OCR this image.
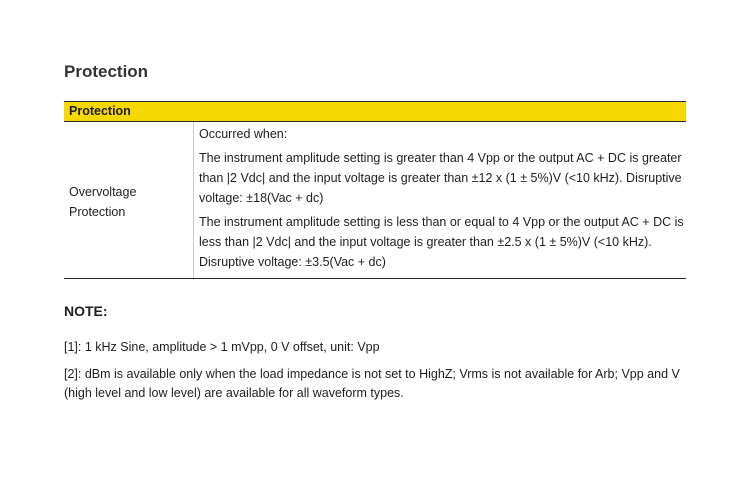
Protection
Protection
Overvoltage
Protection

Occurred when:

The instrument amplitude setting is greater than 4 Vpp or the output AC + DC is greater than |2 Vdc| and the input voltage is greater than ±12 x (1 ± 5%)V (<10 kHz). Disruptive voltage: ±18(Vac + dc)

The instrument amplitude setting is less than or equal to 4 Vpp or the output AC + DC is less than |2 Vdc| and the input voltage is greater than ±2.5 x (1 ± 5%)V (<10 kHz). Disruptive voltage: ±3.5(Vac + dc)

NOTE:

[1]: 1 kHz Sine, amplitude > 1 mVpp, 0 V offset, unit: Vpp

[2]: dBm is available only when the load impedance is not set to HighZ; Vrms is not available for Arb; Vpp and V (high level and low level) are available for all waveform types.
